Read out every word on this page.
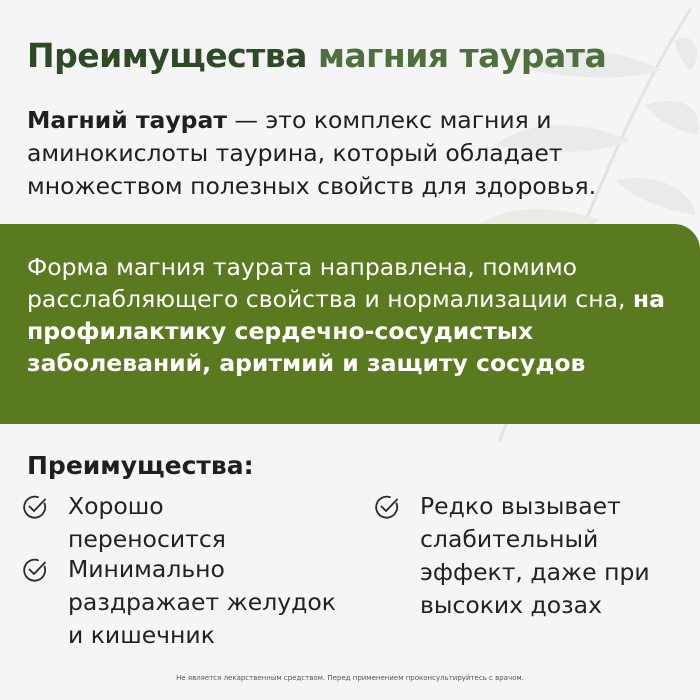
Преимущества магния таурата

Магний таурат — это комплекс магния и аминокислоты таурина, который обладает множеством полезных свойств для здоровья.

Форма магния таурата направлена, помимо расслабляющего свойства и нормализации сна, на профилактику сердечно-сосудистых заболеваний, аритмий и защиту сосудов

Преимущества:
Хорошо переносится
Минимально раздражает желудок и кишечник
Редко вызывает слабительный эффект, даже при высоких дозах
Не является лекарственным средством. Перед применением проконсультируйтесь с врачом.
